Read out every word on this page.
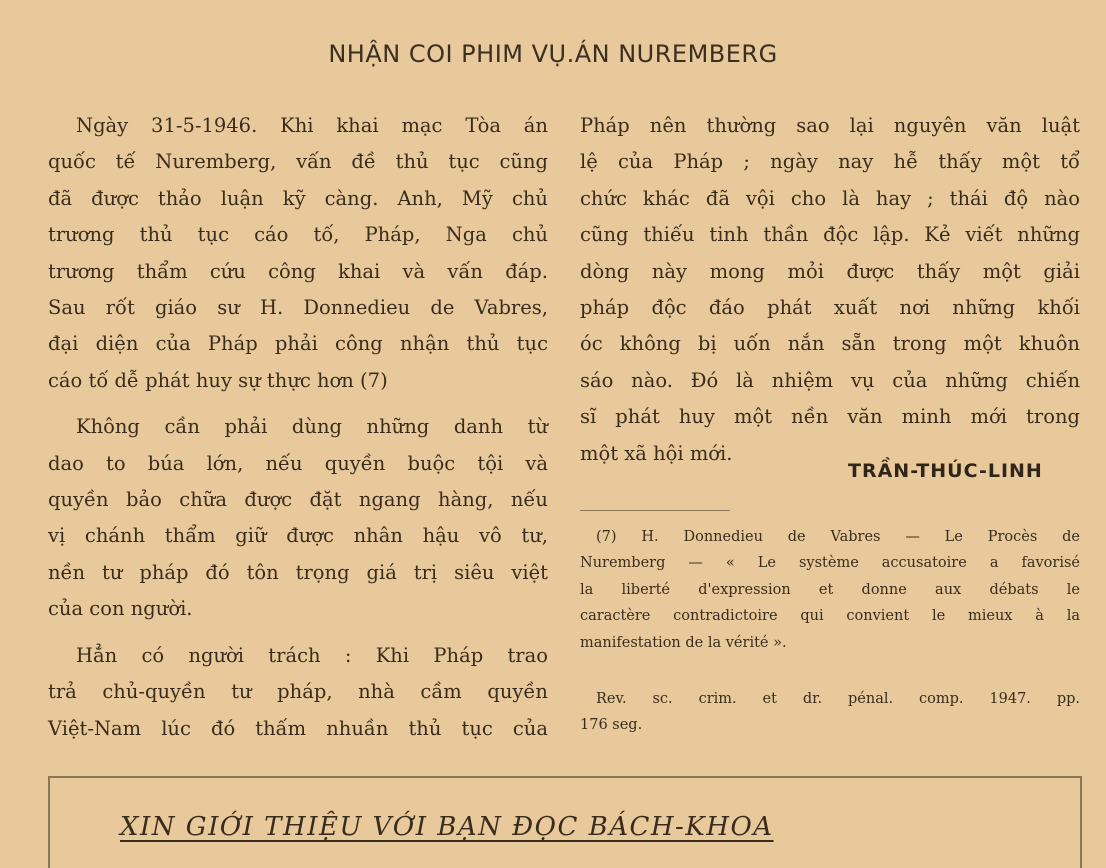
NHẬN COI PHIM VỤ.ÁN NUREMBERG

Ngày 31-5-1946. Khi khai mạc Tòa án
quốc tế Nuremberg, vấn đề thủ tục cũng
đã được thảo luận kỹ càng. Anh, Mỹ chủ
trương thủ tục cáo tố, Pháp, Nga chủ
trương thẩm cứu công khai và vấn đáp.
Sau rốt giáo sư H. Donnedieu de Vabres,
đại diện của Pháp phải công nhận thủ tục
cáo tố dễ phát huy sự thực hơn (7)

Không cần phải dùng những danh từ
dao to búa lớn, nếu quyền buộc tội và
quyền bảo chữa được đặt ngang hàng, nếu
vị chánh thẩm giữ được nhân hậu vô tư,
nền tư pháp đó tôn trọng giá trị siêu việt
của con người.

Hẳn có người trách : Khi Pháp trao
trả chủ-quyền tư pháp, nhà cầm quyền
Việt-Nam lúc đó thấm nhuần thủ tục của

Pháp nên thường sao lại nguyên văn luật
lệ của Pháp ; ngày nay hễ thấy một tổ
chức khác đã vội cho là hay ; thái độ nào
cũng thiếu tinh thần độc lập. Kẻ viết những
dòng này mong mỏi được thấy một giải
pháp độc đáo phát xuất nơi những khối
óc không bị uốn nắn sẵn trong một khuôn
sáo nào. Đó là nhiệm vụ của những chiến
sĩ phát huy một nền văn minh mới trong
một xã hội mới.

TRẦN-THÚC-LINH

(7) H. Donnedieu de Vabres — Le Procès de
Nuremberg — « Le système accusatoire a favorisé
la liberté d'expression et donne aux débats le
caractère contradictoire qui convient le mieux à la
manifestation de la vérité ».

Rev. sc. crim. et dr. pénal. comp. 1947. pp.
176 seg.

XIN GIỚI THIỆU VỚI BẠN ĐỌC BÁCH-KHOA
